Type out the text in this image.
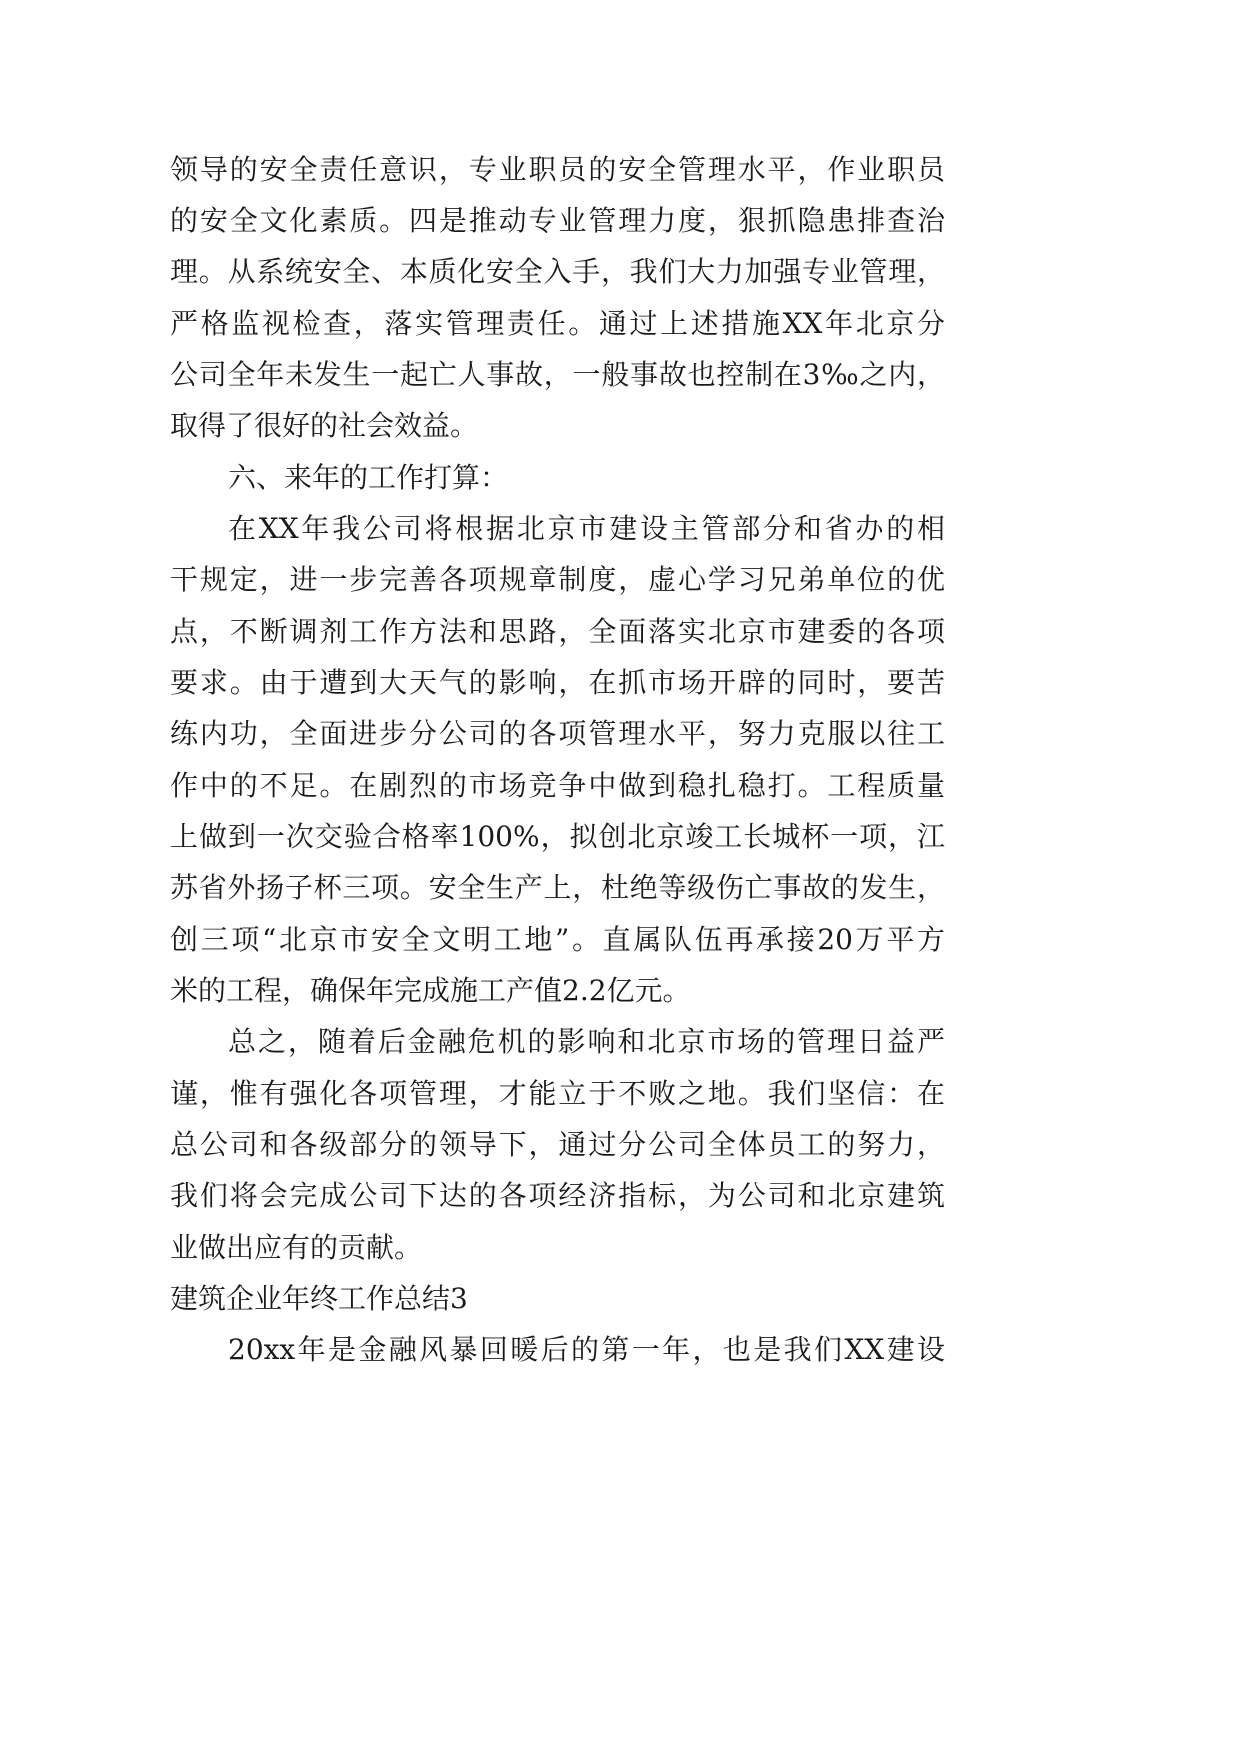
领导的安全责任意识，专业职员的安全管理水平，作业职员
的安全文化素质。四是推动专业管理力度，狠抓隐患排查治
理。从系统安全、本质化安全入手，我们大力加强专业管理，
严格监视检查，落实管理责任。通过上述措施XX年北京分
公司全年未发生一起亡人事故，一般事故也控制在3‰之内，
取得了很好的社会效益。
六、来年的工作打算：
在XX年我公司将根据北京市建设主管部分和省办的相
干规定，进一步完善各项规章制度，虚心学习兄弟单位的优
点，不断调剂工作方法和思路，全面落实北京市建委的各项
要求。由于遭到大天气的影响，在抓市场开辟的同时，要苦
练内功，全面进步分公司的各项管理水平，努力克服以往工
作中的不足。在剧烈的市场竞争中做到稳扎稳打。工程质量
上做到一次交验合格率100%，拟创北京竣工长城杯一项，江
苏省外扬子杯三项。安全生产上，杜绝等级伤亡事故的发生，
创三项“北京市安全文明工地”。直属队伍再承接20万平方
米的工程，确保年完成施工产值2.2亿元。
总之，随着后金融危机的影响和北京市场的管理日益严
谨，惟有强化各项管理，才能立于不败之地。我们坚信：在
总公司和各级部分的领导下，通过分公司全体员工的努力，
我们将会完成公司下达的各项经济指标，为公司和北京建筑
业做出应有的贡献。
建筑企业年终工作总结3
20xx年是金融风暴回暖后的第一年，也是我们XX建设
